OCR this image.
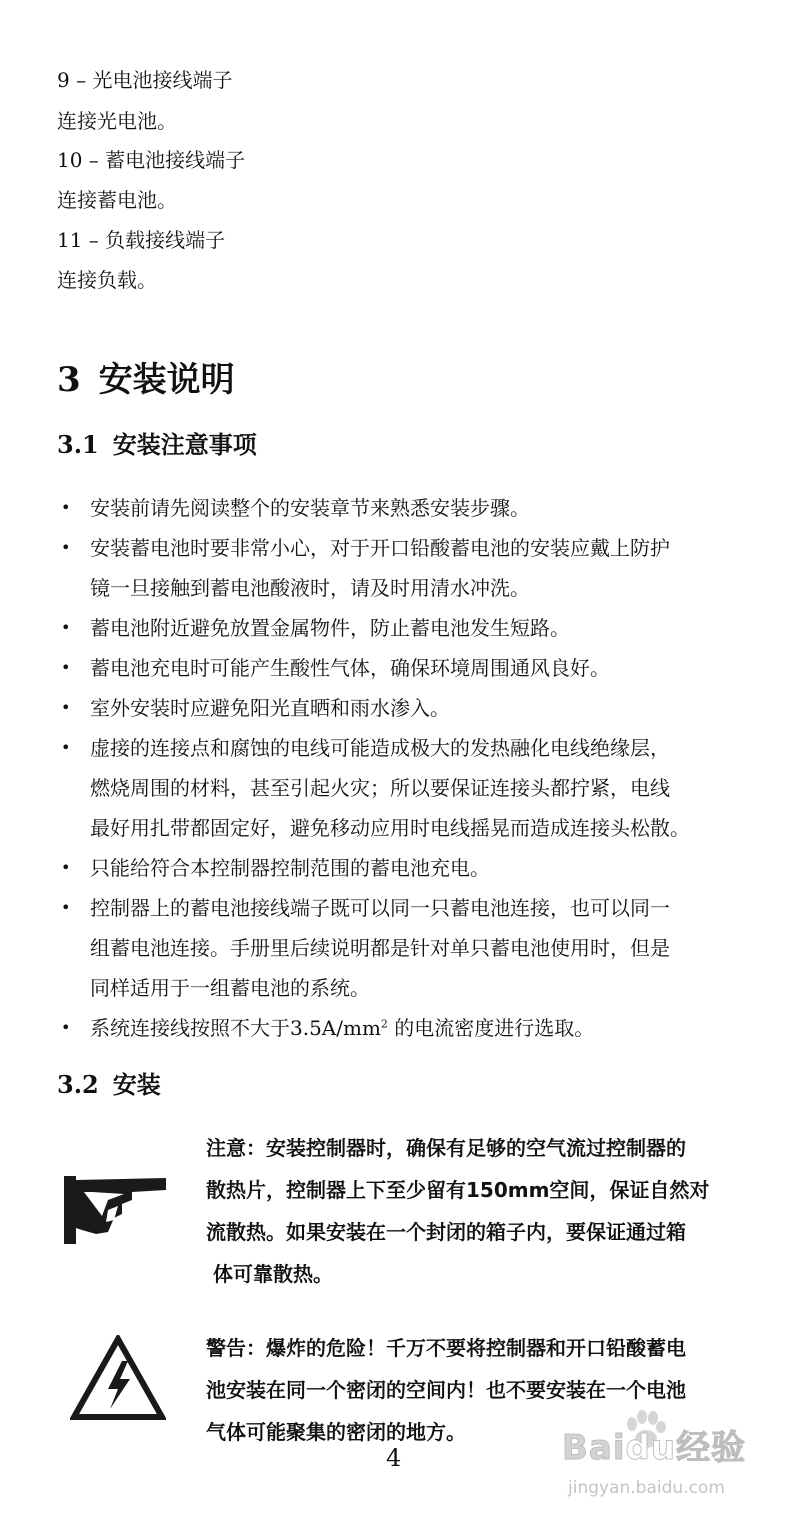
9 – 光电池接线端子
连接光电池。
10 – 蓄电池接线端子
连接蓄电池。
11 – 负载接线端子
连接负载。
3 安装说明
3.1 安装注意事项
• 安装前请先阅读整个的安装章节来熟悉安装步骤。
• 安装蓄电池时要非常小心，对于开口铅酸蓄电池的安装应戴上防护
镜一旦接触到蓄电池酸液时，请及时用清水冲洗。
• 蓄电池附近避免放置金属物件，防止蓄电池发生短路。
• 蓄电池充电时可能产生酸性气体，确保环境周围通风良好。
• 室外安装时应避免阳光直晒和雨水渗入。
• 虚接的连接点和腐蚀的电线可能造成极大的发热融化电线绝缘层，
燃烧周围的材料，甚至引起火灾；所以要保证连接头都拧紧，电线
最好用扎带都固定好，避免移动应用时电线摇晃而造成连接头松散。
• 只能给符合本控制器控制范围的蓄电池充电。
• 控制器上的蓄电池接线端子既可以同一只蓄电池连接，也可以同一
组蓄电池连接。手册里后续说明都是针对单只蓄电池使用时，但是
同样适用于一组蓄电池的系统。
• 系统连接线按照不大于$3.5A/mm^2$ 的电流密度进行选取。
3.2 安装
注意：安装控制器时，确保有足够的空气流过控制器的
散热片，控制器上下至少留有150mm空间，保证自然对
流散热。如果安装在一个封闭的箱子内，要保证通过箱
体可靠散热。
警告：爆炸的危险！千万不要将控制器和开口铅酸蓄电
池安装在同一个密闭的空间内！也不要安装在一个电池
气体可能聚集的密闭的地方。
4	Baidu经验
jingyan.baidu.com
